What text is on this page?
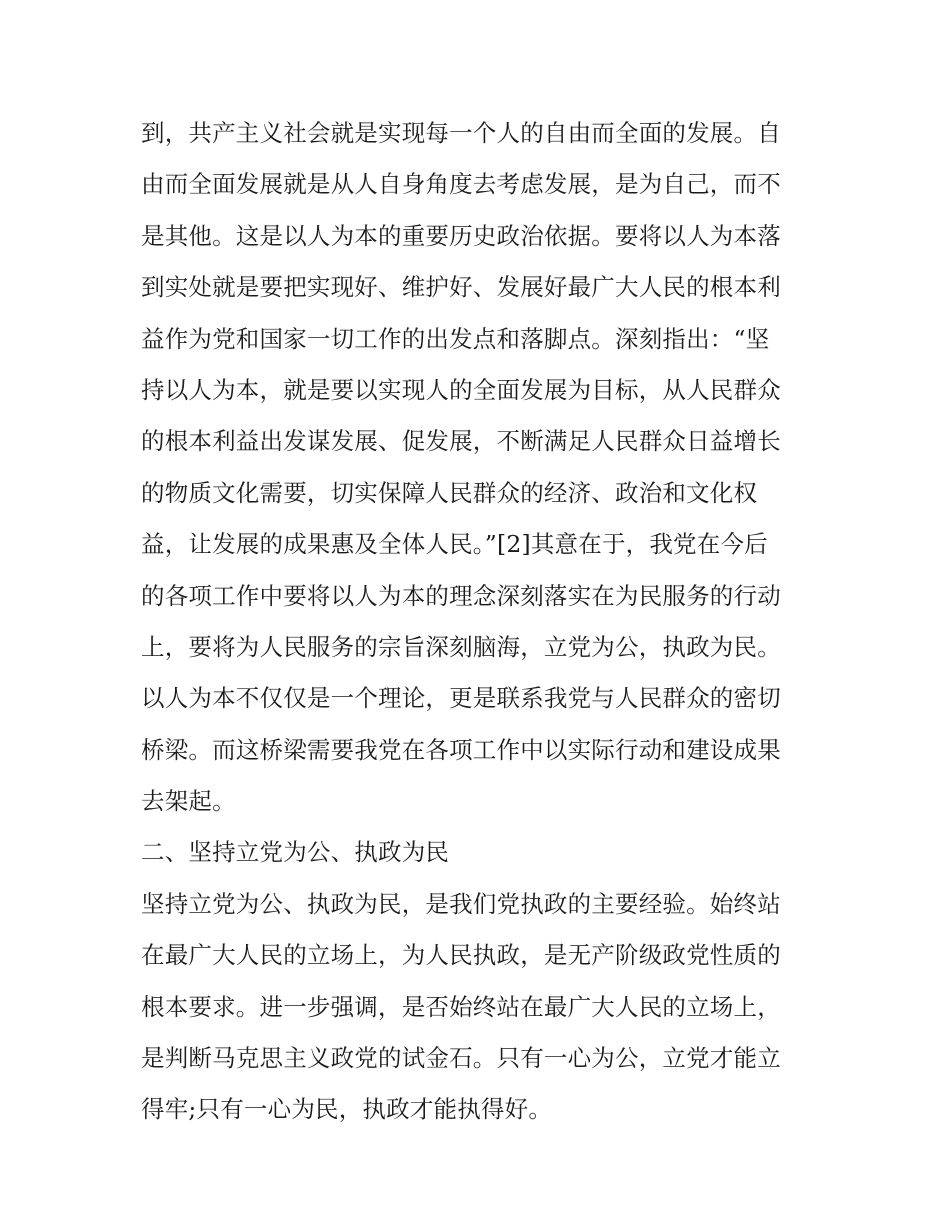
到，共产主义社会就是实现每一个人的自由而全面的发展。自
由而全面发展就是从人自身角度去考虑发展，是为自己，而不
是其他。这是以人为本的重要历史政治依据。要将以人为本落
到实处就是要把实现好、维护好、发展好最广大人民的根本利
益作为党和国家一切工作的出发点和落脚点。深刻指出：“坚
持以人为本，就是要以实现人的全面发展为目标，从人民群众
的根本利益出发谋发展、促发展，不断满足人民群众日益增长
的物质文化需要，切实保障人民群众的经济、政治和文化权
益，让发展的成果惠及全体人民。”[2]其意在于，我党在今后
的各项工作中要将以人为本的理念深刻落实在为民服务的行动
上，要将为人民服务的宗旨深刻脑海，立党为公，执政为民。
以人为本不仅仅是一个理论，更是联系我党与人民群众的密切
桥梁。而这桥梁需要我党在各项工作中以实际行动和建设成果
去架起。
二、坚持立党为公、执政为民
坚持立党为公、执政为民，是我们党执政的主要经验。始终站
在最广大人民的立场上，为人民执政，是无产阶级政党性质的
根本要求。进一步强调，是否始终站在最广大人民的立场上，
是判断马克思主义政党的试金石。只有一心为公，立党才能立
得牢;只有一心为民，执政才能执得好。
